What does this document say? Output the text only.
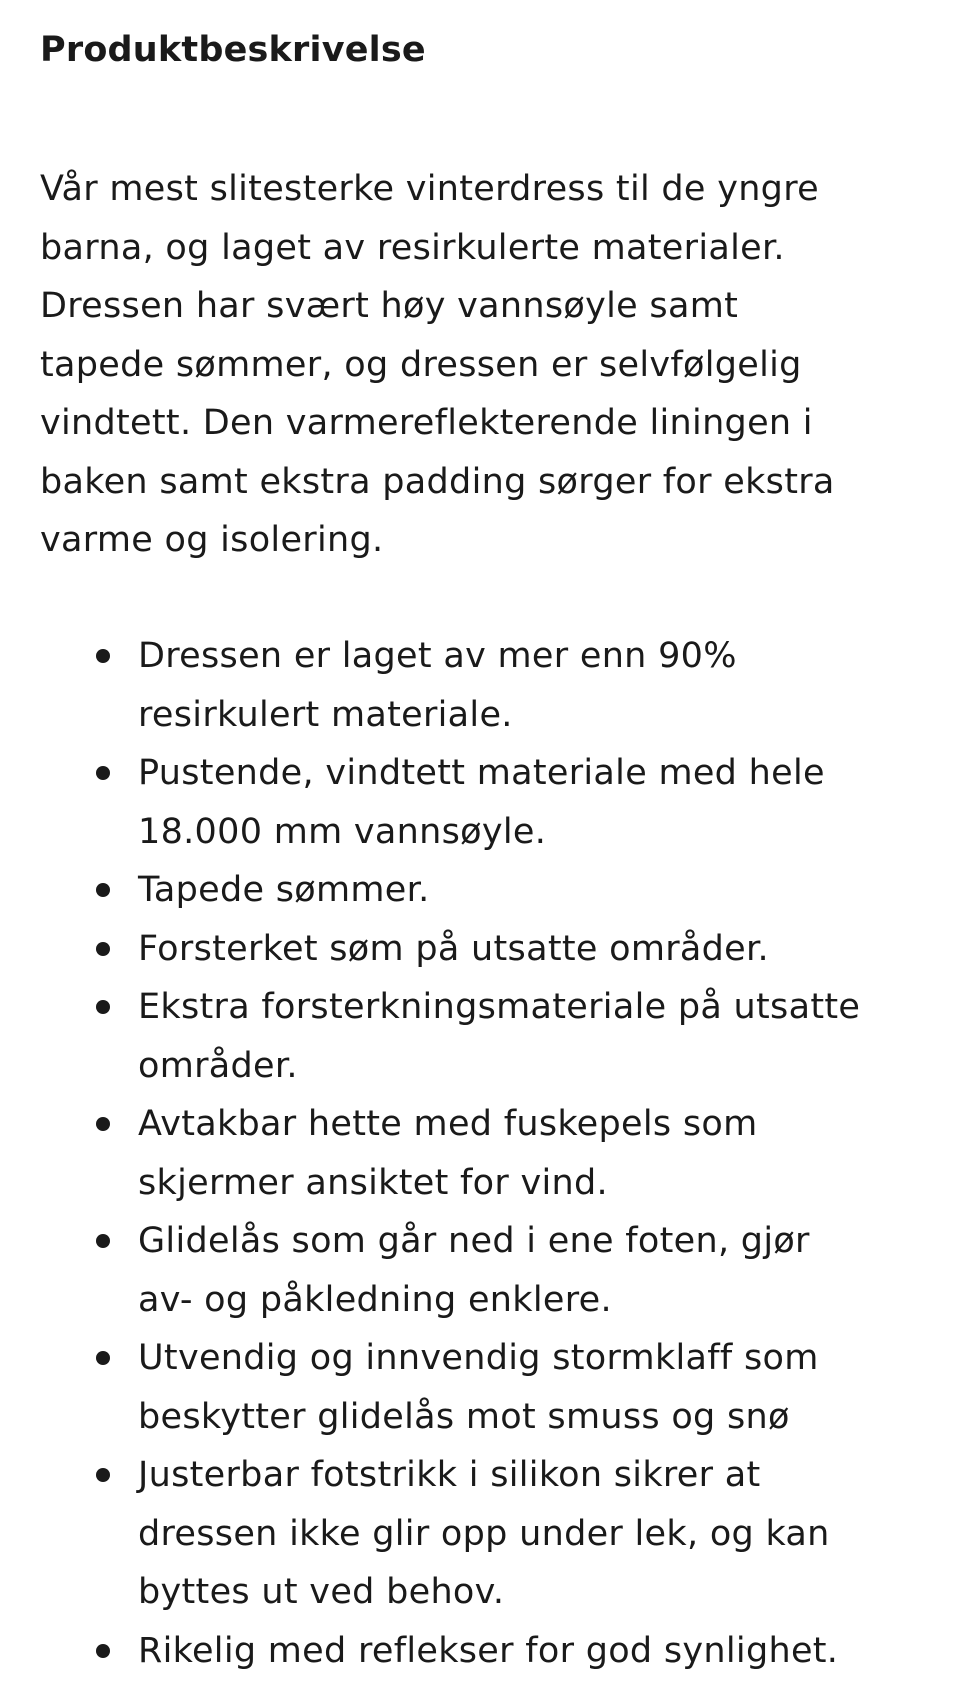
Produktbeskrivelse

Vår mest slitesterke vinterdress til de yngre
barna, og laget av resirkulerte materialer.
Dressen har svært høy vannsøyle samt
tapede sømmer, og dressen er selvfølgelig
vindtett. Den varmereflekterende liningen i
baken samt ekstra padding sørger for ekstra
varme og isolering.

Dressen er laget av mer enn 90%
resirkulert materiale.
Pustende, vindtett materiale med hele
18.000 mm vannsøyle.
Tapede sømmer.
Forsterket søm på utsatte områder.
Ekstra forsterkningsmateriale på utsatte
områder.
Avtakbar hette med fuskepels som
skjermer ansiktet for vind.
Glidelås som går ned i ene foten, gjør
av- og påkledning enklere.
Utvendig og innvendig stormklaff som
beskytter glidelås mot smuss og snø
Justerbar fotstrikk i silikon sikrer at
dressen ikke glir opp under lek, og kan
byttes ut ved behov.
Rikelig med reflekser for god synlighet.
